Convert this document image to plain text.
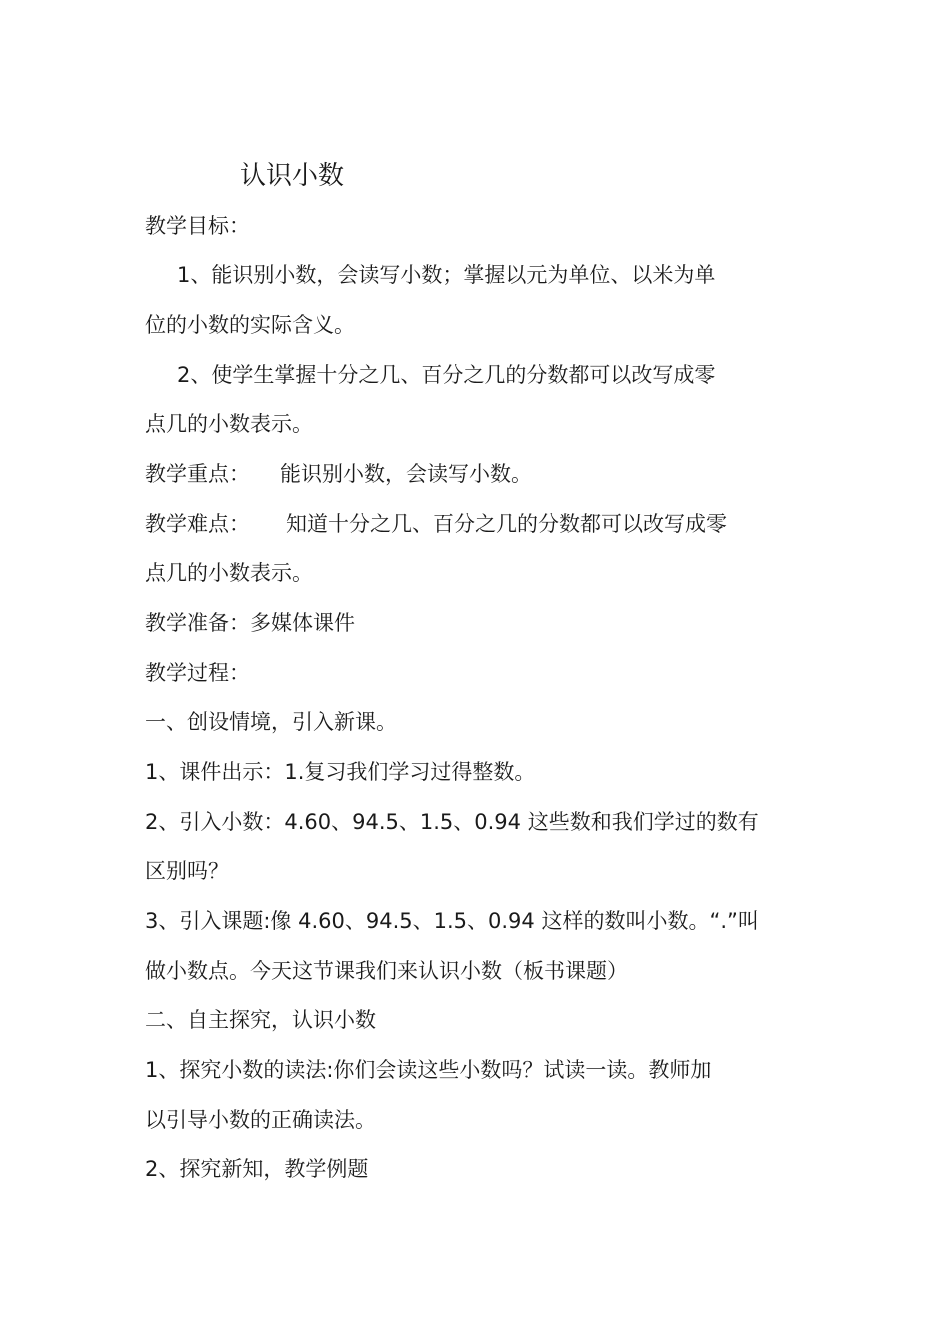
认识小数
教学目标：
1、能识别小数，会读写小数；掌握以元为单位、以米为单
位的小数的实际含义。
2、使学生掌握十分之几、百分之几的分数都可以改写成零
点几的小数表示。
教学重点： 能识别小数，会读写小数。
教学难点： 知道十分之几、百分之几的分数都可以改写成零
点几的小数表示。
教学准备：多媒体课件
教学过程：
一、创设情境，引入新课。
1、课件出示：1.复习我们学习过得整数。
2、引入小数：4.60、94.5、1.5、0.94 这些数和我们学过的数有
区别吗？
3、引入课题:像 4.60、94.5、1.5、0.94 这样的数叫小数。“.”叫
做小数点。今天这节课我们来认识小数（板书课题）
二、自主探究，认识小数
1、探究小数的读法:你们会读这些小数吗？试读一读。教师加
以引导小数的正确读法。
2、探究新知，教学例题
